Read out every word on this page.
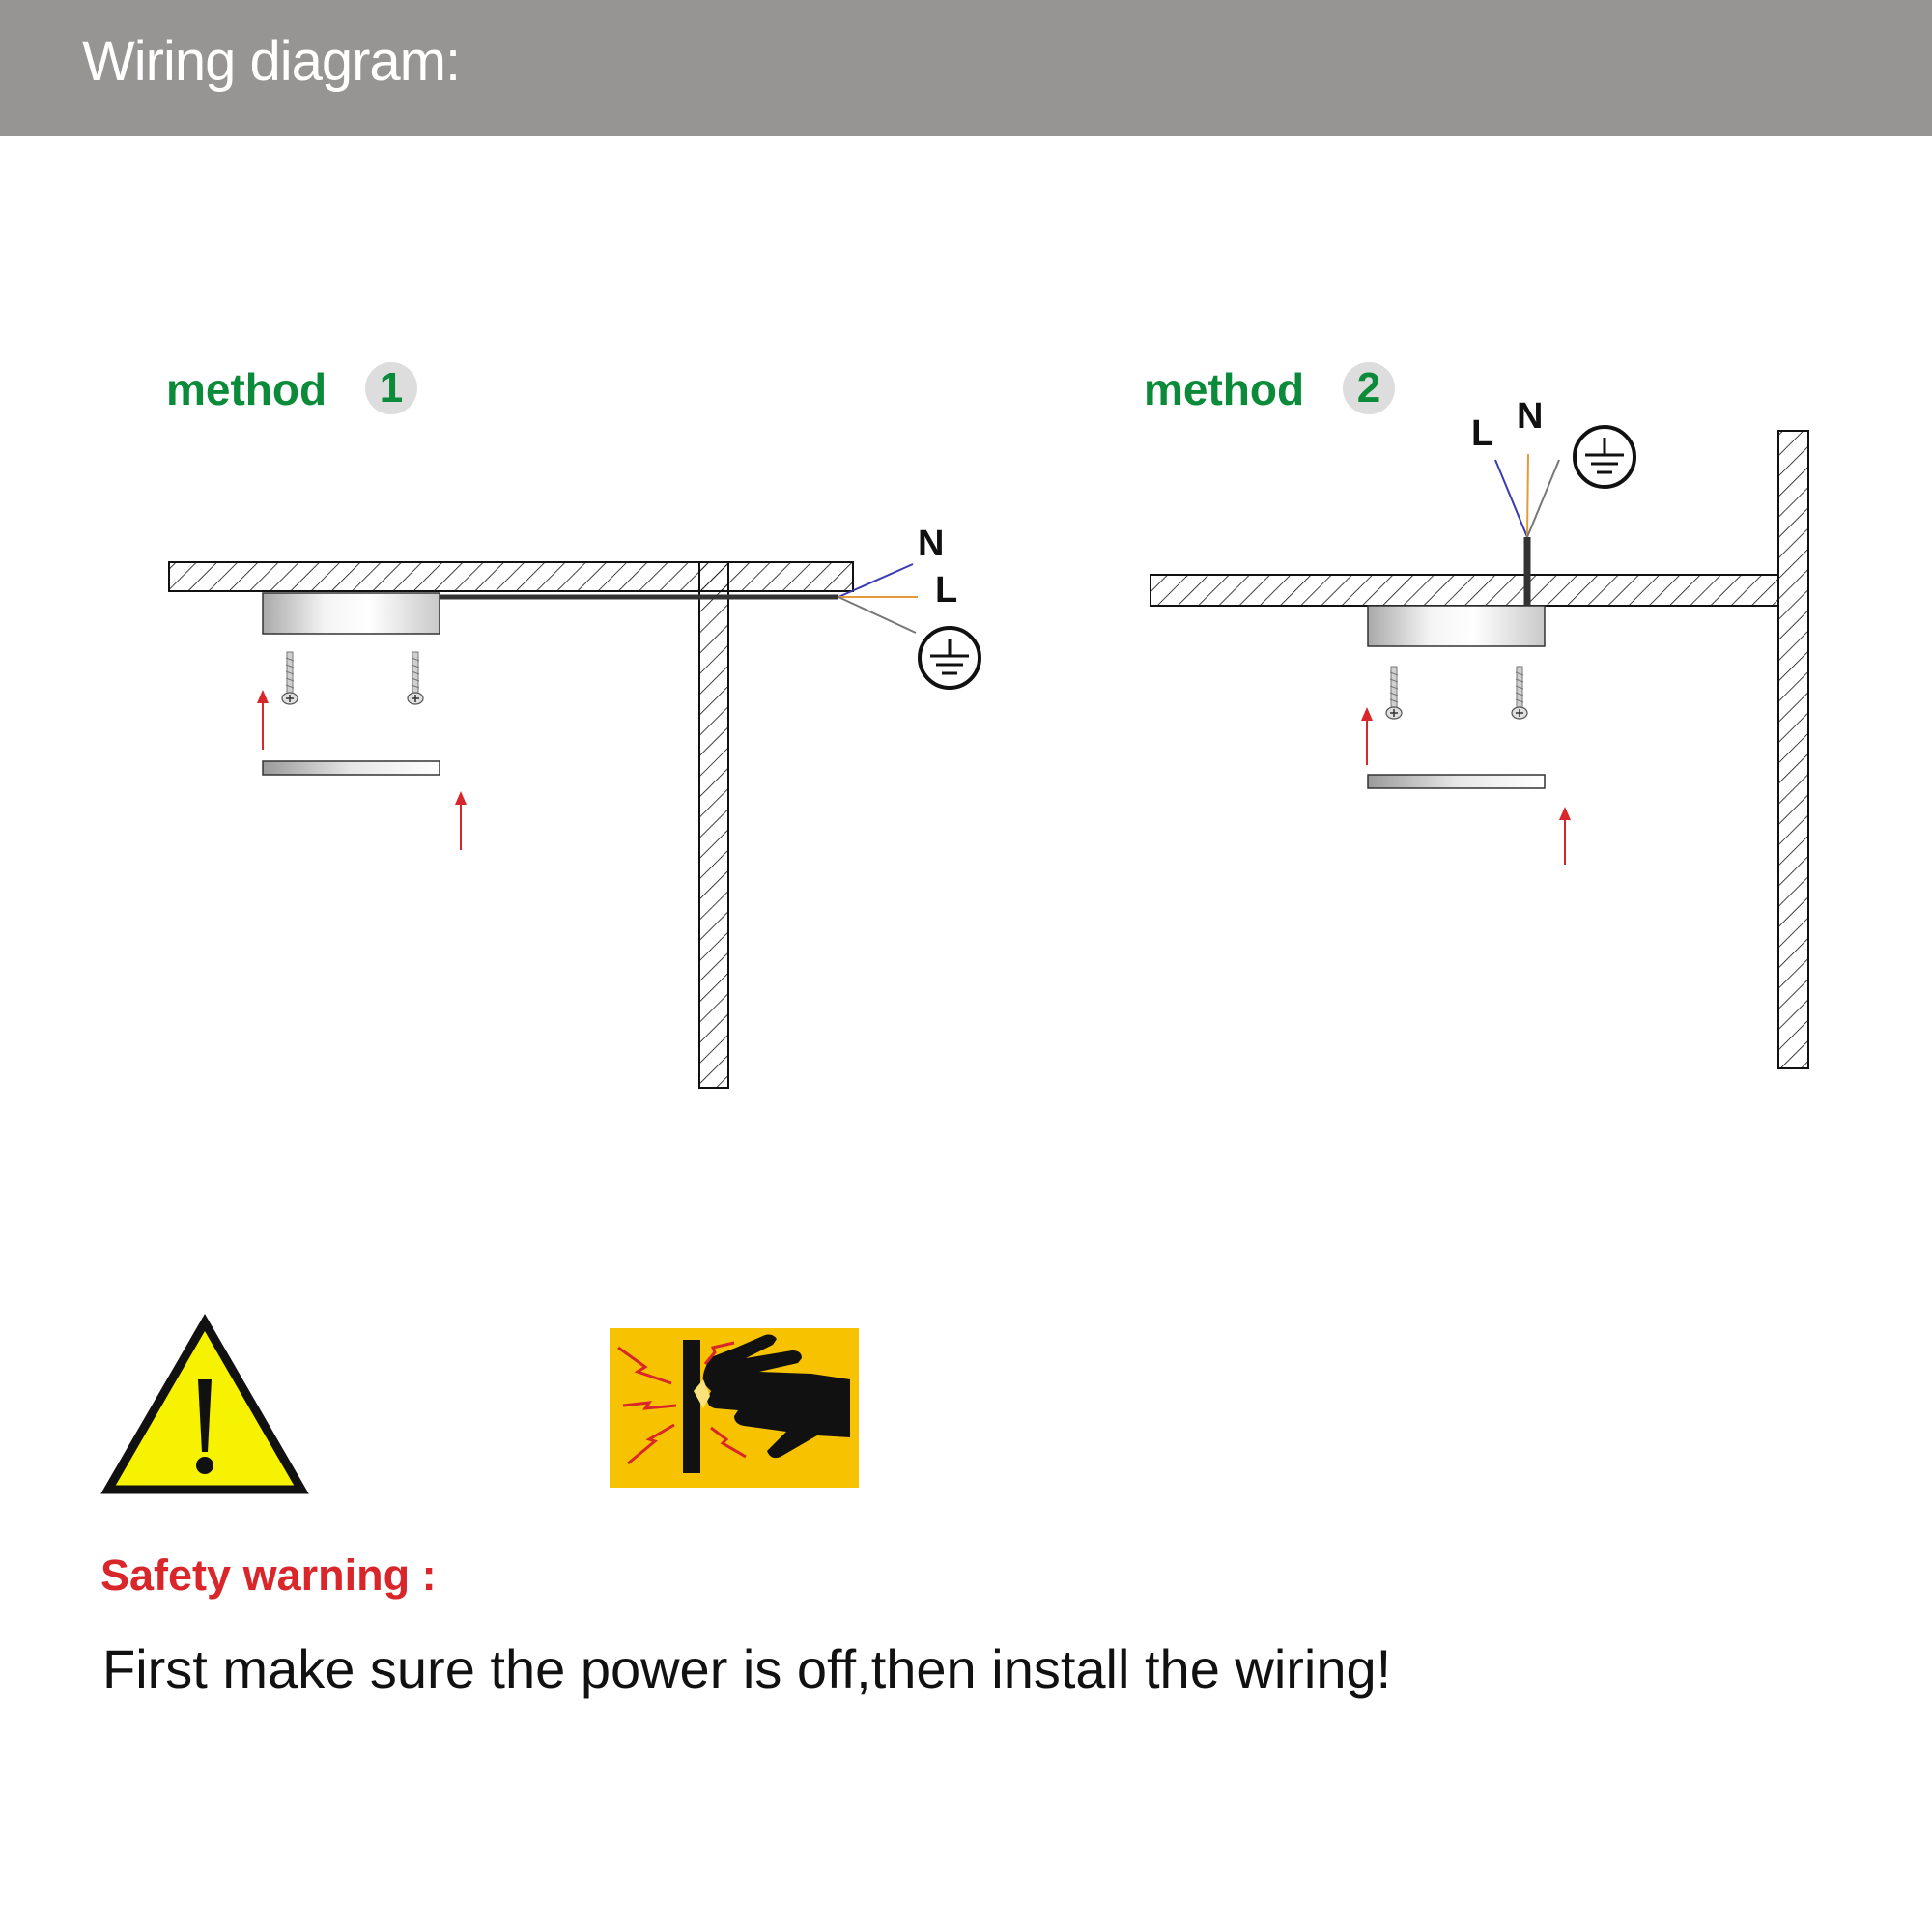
Wiring diagram:
method	1
N
L
method	2
L N
Safety warning :
First make sure the power is off,then install the wiring!
